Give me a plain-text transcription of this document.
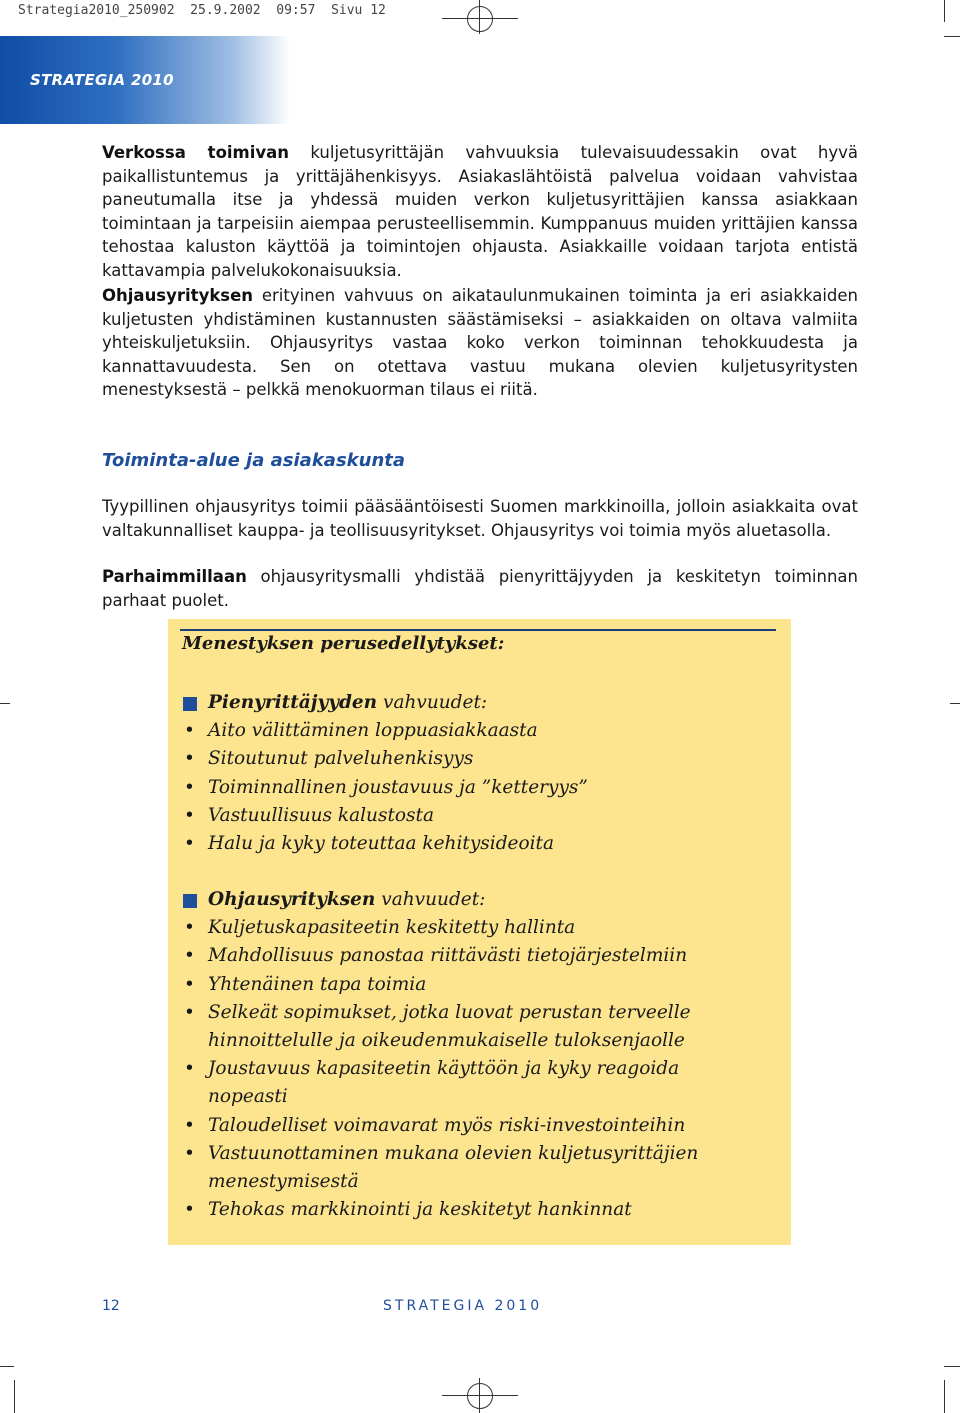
Strategia2010_250902  25.9.2002  09:57  Sivu 12
STRATEGIA 2010

Verkossa toimivan kuljetusyrittäjän vahvuuksia tulevaisuudessakin ovat hyvä paikallistuntemus ja yrittäjähenkisyys. Asiakaslähtöistä palvelua voidaan vahvistaa paneutumalla itse ja yhdessä muiden verkon kuljetusyrittäjien kanssa asiakkaan toimintaan ja tarpeisiin aiempaa perusteellisemmin. Kumppanuus muiden yrittäjien kanssa tehostaa kaluston käyttöä ja toimintojen ohjausta. Asiakkaille voidaan tarjota entistä kattavampia palvelukokonaisuuksia.

Ohjausyrityksen erityinen vahvuus on aikataulunmukainen toiminta ja eri asiakkaiden kuljetusten yhdistäminen kustannusten säästämiseksi – asiakkaiden on oltava valmiita yhteiskuljetuksiin. Ohjausyritys vastaa koko verkon toiminnan tehokkuudesta ja kannattavuudesta. Sen on otettava vastuu mukana olevien kuljetusyritysten menestyksestä – pelkkä menokuorman tilaus ei riitä.

Toiminta-alue ja asiakaskunta

Tyypillinen ohjausyritys toimii pääsääntöisesti Suomen markkinoilla, jolloin asiakkaita ovat valtakunnalliset kauppa- ja teollisuusyritykset. Ohjausyritys voi toimia myös aluetasolla.

Parhaimmillaan ohjausyritysmalli yhdistää pienyrittäjyyden ja keskitetyn toiminnan parhaat puolet.

Menestyksen perusedellytykset:
Pienyrittäjyyden vahvuudet:
• Aito välittäminen loppuasiakkaasta
• Sitoutunut palveluhenkisyys
• Toiminnallinen joustavuus ja ”ketteryys”
• Vastuullisuus kalustosta
• Halu ja kyky toteuttaa kehitysideoita
Ohjausyrityksen vahvuudet:
• Kuljetuskapasiteetin keskitetty hallinta
• Mahdollisuus panostaa riittävästi tietojärjestelmiin
• Yhtenäinen tapa toimia
• Selkeät sopimukset, jotka luovat perustan terveelle hinnoittelulle ja oikeudenmukaiselle tuloksenjaolle
• Joustavuus kapasiteetin käyttöön ja kyky reagoida nopeasti
• Taloudelliset voimavarat myös riski-investointeihin
• Vastuunottaminen mukana olevien kuljetusyrittäjien menestymisestä
• Tehokas markkinointi ja keskitetyt hankinnat
12	STRATEGIA 2010
